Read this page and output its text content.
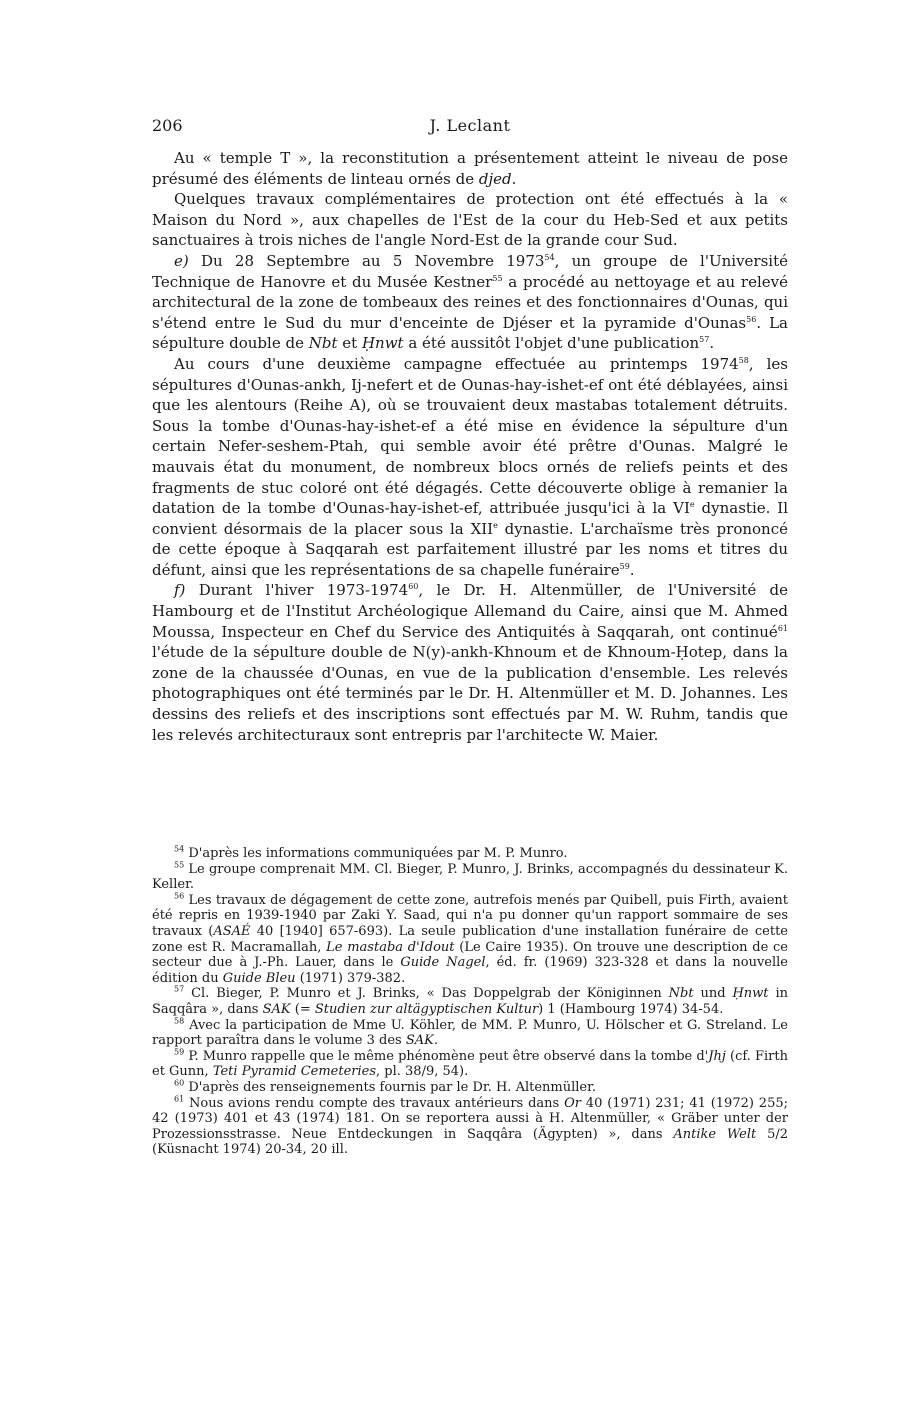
206	J. Leclant

Au « temple T », la reconstitution a présentement atteint le niveau de pose présumé des éléments de linteau ornés de djed.

Quelques travaux complémentaires de protection ont été effectués à la « Maison du Nord », aux chapelles de l'Est de la cour du Heb-Sed et aux petits sanctuaires à trois niches de l'angle Nord-Est de la grande cour Sud.

e) Du 28 Septembre au 5 Novembre 1973$^{54}$, un groupe de l'Université Technique de Hanovre et du Musée Kestner$^{55}$ a procédé au nettoyage et au relevé architectural de la zone de tombeaux des reines et des fonctionnaires d'Ounas, qui s'étend entre le Sud du mur d'enceinte de Djéser et la pyramide d'Ounas$^{56}$. La sépulture double de Nbt et Ḥnwt a été aussitôt l'objet d'une publication$^{57}$.

Au cours d'une deuxième campagne effectuée au printemps 1974$^{58}$, les sépultures d'Ounas-ankh, Ij-nefert et de Ounas-hay-ishet-ef ont été déblayées, ainsi que les alentours (Reihe A), où se trouvaient deux mastabas totalement détruits. Sous la tombe d'Ounas-hay-ishet-ef a été mise en évidence la sépulture d'un certain Nefer-seshem-Ptah, qui semble avoir été prêtre d'Ounas. Malgré le mauvais état du monument, de nombreux blocs ornés de reliefs peints et des fragments de stuc coloré ont été dégagés. Cette découverte oblige à remanier la datation de la tombe d'Ounas-hay-ishet-ef, attribuée jusqu'ici à la VIe dynastie. Il convient désormais de la placer sous la XIIe dynastie. L'archaïsme très prononcé de cette époque à Saqqarah est parfaitement illustré par les noms et titres du défunt, ainsi que les représentations de sa chapelle funéraire$^{59}$.

f) Durant l'hiver 1973-1974$^{60}$, le Dr. H. Altenmüller, de l'Université de Hambourg et de l'Institut Archéologique Allemand du Caire, ainsi que M. Ahmed Moussa, Inspecteur en Chef du Service des Antiquités à Saqqarah, ont continué$^{61}$ l'étude de la sépulture double de N(y)-ankh-Khnoum et de Khnoum-Ḥotep, dans la zone de la chaussée d'Ounas, en vue de la publication d'ensemble. Les relevés photographiques ont été terminés par le Dr. H. Altenmüller et M. D. Johannes. Les dessins des reliefs et des inscriptions sont effectués par M. W. Ruhm, tandis que les relevés architecturaux sont entrepris par l'architecte W. Maier.

$^{54}$ D'après les informations communiquées par M. P. Munro.

$^{55}$ Le groupe comprenait MM. Cl. Bieger, P. Munro, J. Brinks, accompagnés du dessinateur K. Keller.

$^{56}$ Les travaux de dégagement de cette zone, autrefois menés par Quibell, puis Firth, avaient été repris en 1939-1940 par Zaki Y. Saad, qui n'a pu donner qu'un rapport sommaire de ses travaux (ASAÉ 40 [1940] 657-693). La seule publication d'une installation funéraire de cette zone est R. Macramallah, Le mastaba d'Idout (Le Caire 1935). On trouve une description de ce secteur due à J.-Ph. Lauer, dans le Guide Nagel, éd. fr. (1969) 323-328 et dans la nouvelle édition du Guide Bleu (1971) 379-382.

$^{57}$ Cl. Bieger, P. Munro et J. Brinks, « Das Doppelgrab der Königinnen Nbt und Ḥnwt in Saqqâra », dans SAK (= Studien zur altägyptischen Kultur) 1 (Hambourg 1974) 34-54.

$^{58}$ Avec la participation de Mme U. Köhler, de MM. P. Munro, U. Hölscher et G. Streland. Le rapport paraîtra dans le volume 3 des SAK.

$^{59}$ P. Munro rappelle que le même phénomène peut être observé dans la tombe d'Jhj (cf. Firth et Gunn, Teti Pyramid Cemeteries, pl. 38/9, 54).

$^{60}$ D'après des renseignements fournis par le Dr. H. Altenmüller.

$^{61}$ Nous avions rendu compte des travaux antérieurs dans Or 40 (1971) 231; 41 (1972) 255; 42 (1973) 401 et 43 (1974) 181. On se reportera aussi à H. Altenmüller, « Gräber unter der Prozessionsstrasse. Neue Entdeckungen in Saqqâra (Ägypten) », dans Antike Welt 5/2 (Küsnacht 1974) 20-34, 20 ill.
